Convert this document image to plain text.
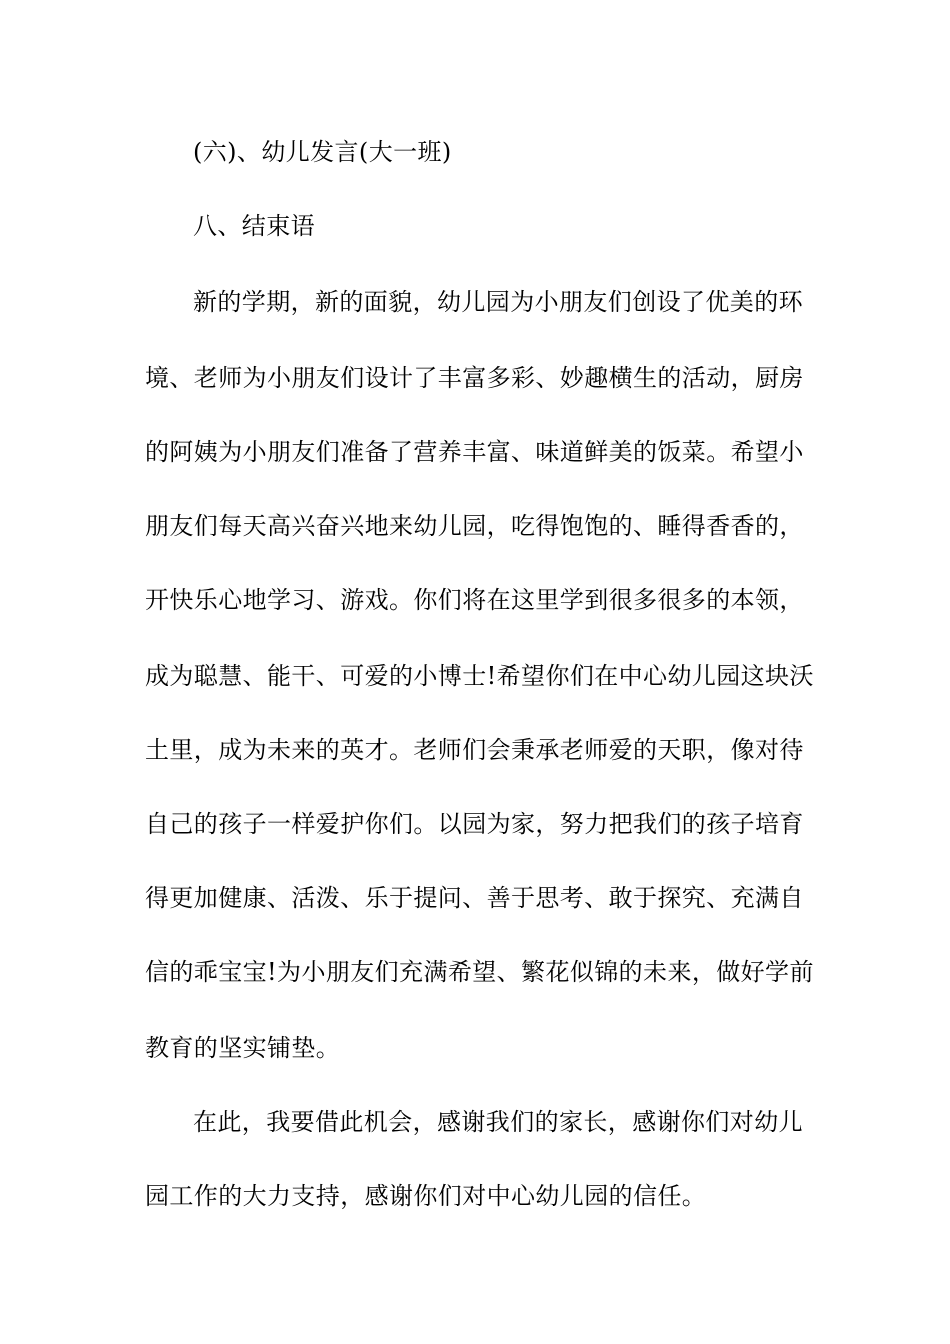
(六)、幼儿发言(大一班)
八、结束语
新的学期，新的面貌，幼儿园为小朋友们创设了优美的环
境、老师为小朋友们设计了丰富多彩、妙趣横生的活动，厨房
的阿姨为小朋友们准备了营养丰富、味道鲜美的饭菜。希望小
朋友们每天高兴奋兴地来幼儿园，吃得饱饱的、睡得香香的，
开快乐心地学习、游戏。你们将在这里学到很多很多的本领，
成为聪慧、能干、可爱的小博士!希望你们在中心幼儿园这块沃
土里，成为未来的英才。老师们会秉承老师爱的天职，像对待
自己的孩子一样爱护你们。以园为家，努力把我们的孩子培育
得更加健康、活泼、乐于提问、善于思考、敢于探究、充满自
信的乖宝宝!为小朋友们充满希望、繁花似锦的未来，做好学前
教育的坚实铺垫。
在此，我要借此机会，感谢我们的家长，感谢你们对幼儿
园工作的大力支持，感谢你们对中心幼儿园的信任。
